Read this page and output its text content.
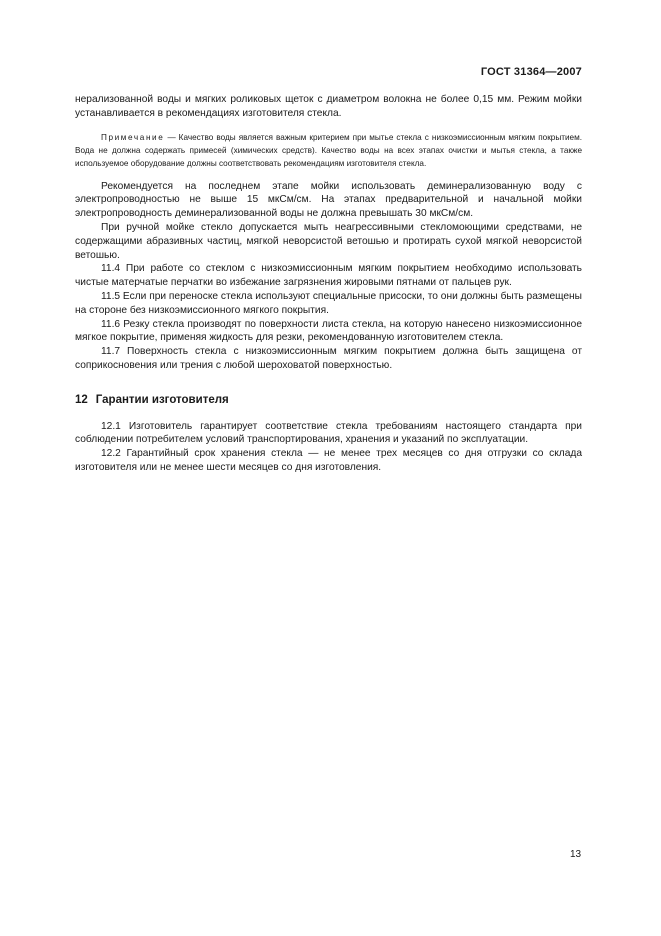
ГОСТ 31364—2007

нерализованной воды и мягких роликовых щеток с диаметром волокна не более 0,15 мм. Режим мойки устанавливается в рекомендациях изготовителя стекла.

Примечание — Качество воды является важным критерием при мытье стекла с низкоэмиссионным мягким покрытием. Вода не должна содержать примесей (химических средств). Качество воды на всех этапах очистки и мытья стекла, а также используемое оборудование должны соответствовать рекомендациям изготовителя стекла.

Рекомендуется на последнем этапе мойки использовать деминерализованную воду с электропроводностью не выше 15 мкСм/см. На этапах предварительной и начальной мойки электропроводность деминерализованной воды не должна превышать 30 мкСм/см.

При ручной мойке стекло допускается мыть неагрессивными стекломоющими средствами, не содержащими абразивных частиц, мягкой неворсистой ветошью и протирать сухой мягкой неворсистой ветошью.

11.4 При работе со стеклом с низкоэмиссионным мягким покрытием необходимо использовать чистые матерчатые перчатки во избежание загрязнения жировыми пятнами от пальцев рук.

11.5 Если при переноске стекла используют специальные присоски, то они должны быть размещены на стороне без низкоэмиссионного мягкого покрытия.

11.6 Резку стекла производят по поверхности листа стекла, на которую нанесено низкоэмиссионное мягкое покрытие, применяя жидкость для резки, рекомендованную изготовителем стекла.

11.7 Поверхность стекла с низкоэмиссионным мягким покрытием должна быть защищена от соприкосновения или трения с любой шероховатой поверхностью.

12 Гарантии изготовителя

12.1 Изготовитель гарантирует соответствие стекла требованиям настоящего стандарта при соблюдении потребителем условий транспортирования, хранения и указаний по эксплуатации.

12.2 Гарантийный срок хранения стекла — не менее трех месяцев со дня отгрузки со склада изготовителя или не менее шести месяцев со дня изготовления.

13
